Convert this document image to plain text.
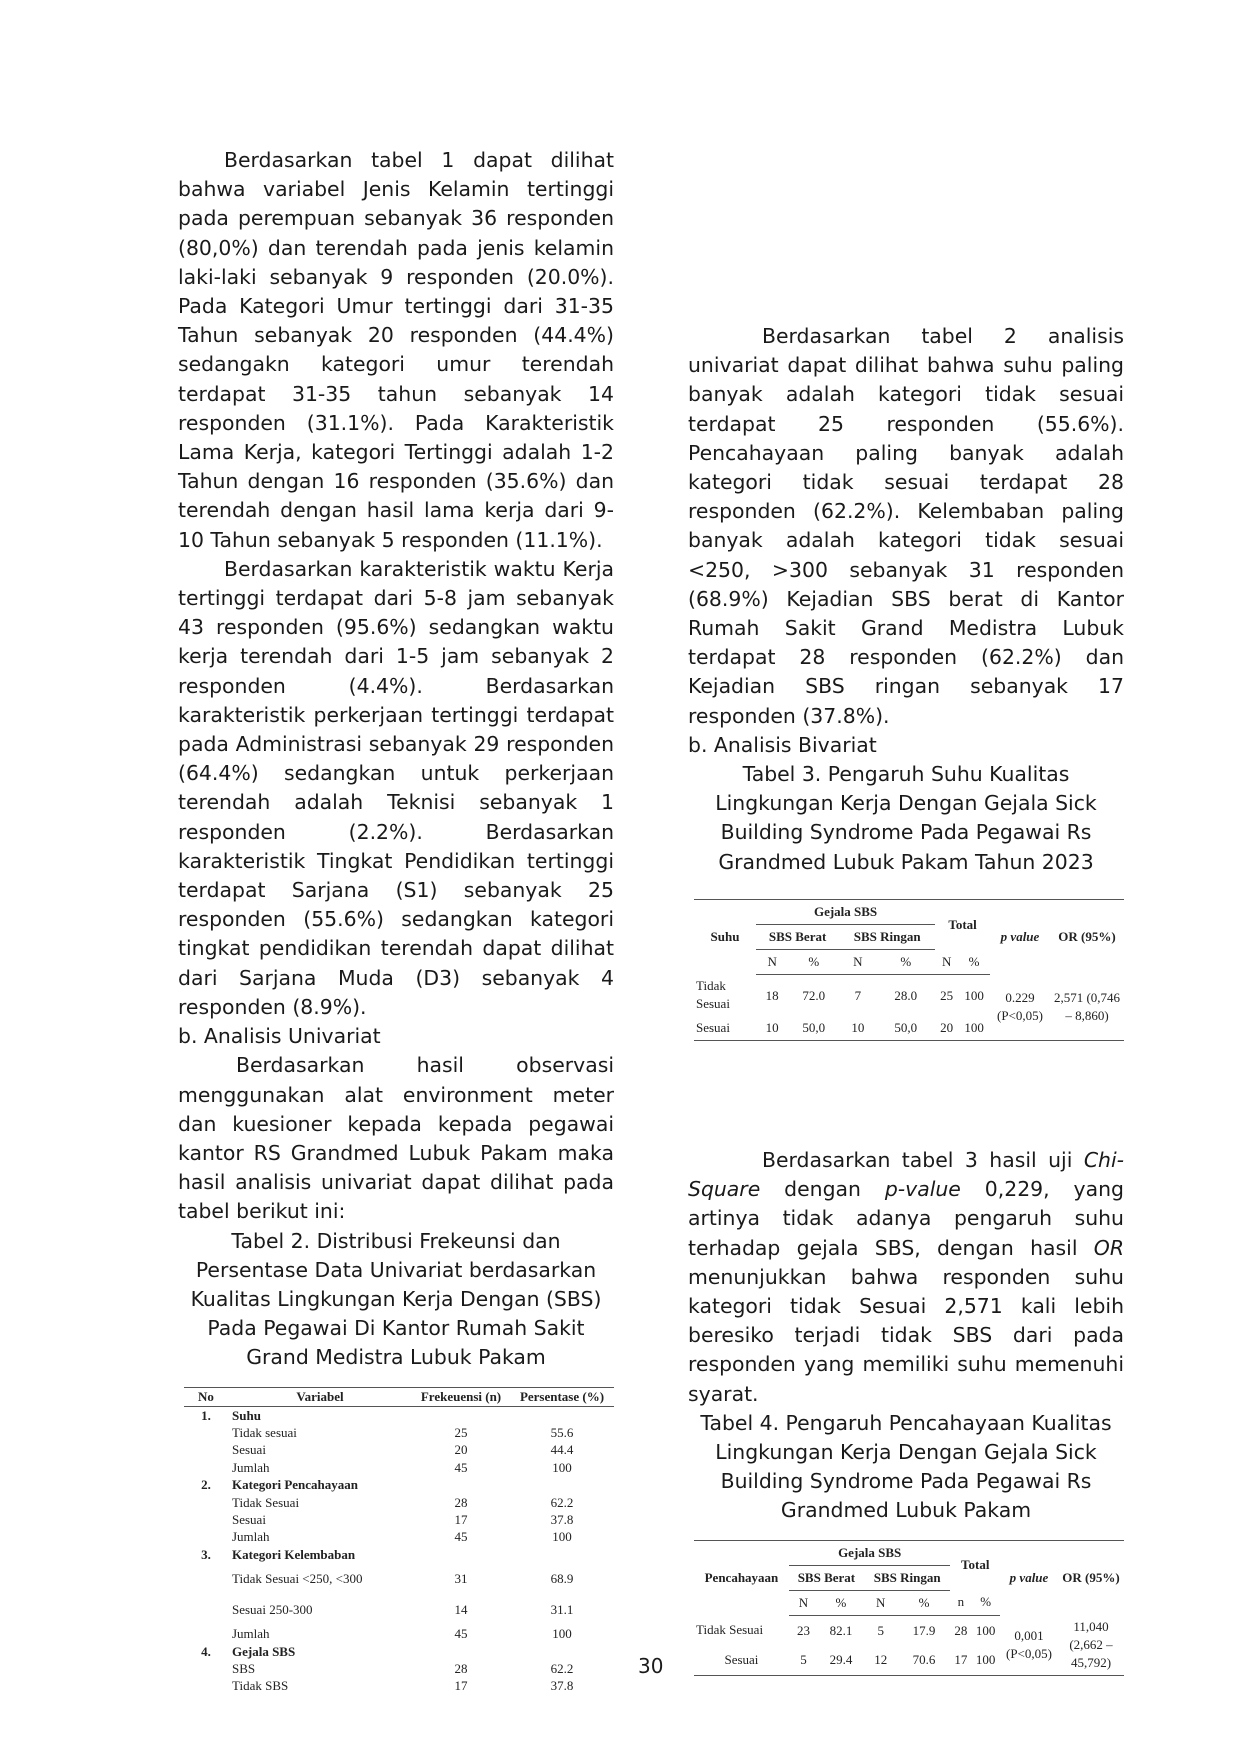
Berdasarkan tabel 1 dapat dilihat bahwa variabel Jenis Kelamin tertinggi pada perempuan sebanyak 36 responden (80,0%) dan terendah pada jenis kelamin laki-laki sebanyak 9 responden (20.0%). Pada Kategori Umur tertinggi dari 31-35 Tahun sebanyak 20 responden (44.4%) sedangakn kategori umur terendah terdapat 31-35 tahun sebanyak 14 responden (31.1%). Pada Karakteristik Lama Kerja, kategori Tertinggi adalah 1-2 Tahun dengan 16 responden (35.6%) dan terendah dengan hasil lama kerja dari 9-10 Tahun sebanyak 5 responden (11.1%).

Berdasarkan karakteristik waktu Kerja tertinggi terdapat dari 5-8 jam sebanyak 43 responden (95.6%) sedangkan waktu kerja terendah dari 1-5 jam sebanyak 2 responden (4.4%). Berdasarkan karakteristik perkerjaan tertinggi terdapat pada Administrasi sebanyak 29 responden (64.4%) sedangkan untuk perkerjaan terendah adalah Teknisi sebanyak 1 responden (2.2%). Berdasarkan karakteristik Tingkat Pendidikan tertinggi terdapat Sarjana (S1) sebanyak 25 responden (55.6%) sedangkan kategori tingkat pendidikan terendah dapat dilihat dari Sarjana Muda (D3) sebanyak 4 responden (8.9%).

b. Analisis Univariat

Berdasarkan hasil observasi menggunakan alat environment meter dan kuesioner kepada kepada pegawai kantor RS Grandmed Lubuk Pakam maka hasil analisis univariat dapat dilihat pada tabel berikut ini:

Tabel 2. Distribusi Frekeunsi dan Persentase Data Univariat berdasarkan Kualitas Lingkungan Kerja Dengan (SBS) Pada Pegawai Di Kantor Rumah Sakit Grand Medistra Lubuk Pakam

No	Variabel	Frekeuensi (n)	Persentase (%)
1.	Suhu		
	Tidak sesuai	25	55.6
	Sesuai	20	44.4
	Jumlah	45	100
2.	Kategori Pencahayaan		
	Tidak Sesuai	28	62.2
	Sesuai	17	37.8
	Jumlah	45	100
3.	Kategori Kelembaban		
	Tidak Sesuai <250, <300	31	68.9
	Sesuai 250-300	14	31.1
	Jumlah	45	100
4.	Gejala SBS		
	SBS	28	62.2
	Tidak SBS	17	37.8

Berdasarkan tabel 2 analisis univariat dapat dilihat bahwa suhu paling banyak adalah kategori tidak sesuai terdapat 25 responden (55.6%). Pencahayaan paling banyak adalah kategori tidak sesuai terdapat 28 responden (62.2%). Kelembaban paling banyak adalah kategori tidak sesuai <250, >300 sebanyak 31 responden (68.9%) Kejadian SBS berat di Kantor Rumah Sakit Grand Medistra Lubuk terdapat 28 responden (62.2%) dan Kejadian SBS ringan sebanyak 17 responden (37.8%).

b. Analisis Bivariat

Tabel 3. Pengaruh Suhu Kualitas Lingkungan Kerja Dengan Gejala Sick Building Syndrome Pada Pegawai Rs Grandmed Lubuk Pakam Tahun 2023

Suhu	Gejala SBS				Total		p value	OR (95%)
	SBS Berat		SBS Ringan					
	N	%	N	%	N	%		
Tidak Sesuai	18	72.0	7	28.0	25	100	0.229 (P<0,05)	2,571 (0,746 – 8,860)
Sesuai	10	50,0	10	50,0	20	100		

Berdasarkan tabel 3 hasil uji Chi-Square dengan p-value 0,229, yang artinya tidak adanya pengaruh suhu terhadap gejala SBS, dengan hasil OR menunjukkan bahwa responden suhu kategori tidak Sesuai 2,571 kali lebih beresiko terjadi tidak SBS dari pada responden yang memiliki suhu memenuhi syarat.

Tabel 4. Pengaruh Pencahayaan Kualitas Lingkungan Kerja Dengan Gejala Sick Building Syndrome Pada Pegawai Rs Grandmed Lubuk Pakam

Pencahayaan	Gejala SBS				Total		p value	OR (95%)
	SBS Berat		SBS Ringan					
	N	%	N	%	n	%		
Tidak Sesuai	23	82.1	5	17.9	28	100	0,001 (P<0,05)	11,040 (2,662 – 45,792)
Sesuai	5	29.4	12	70.6	17	100		
30
